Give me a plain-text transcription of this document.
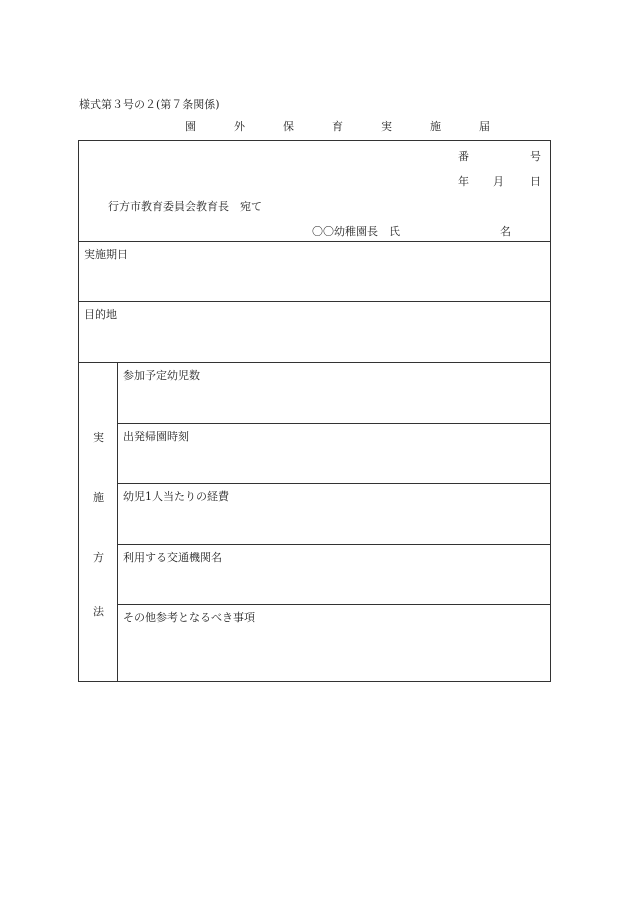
様式第３号の２(第７条関係)
園	外	保	育	実	施	届
番	号
年 月 日
行方市教育委員会教育長　宛て
〇〇幼稚園長　氏	名
実施期日
目的地
実
施
方
法
参加予定幼児数
出発帰園時刻
幼児1人当たりの経費
利用する交通機関名
その他参考となるべき事項
